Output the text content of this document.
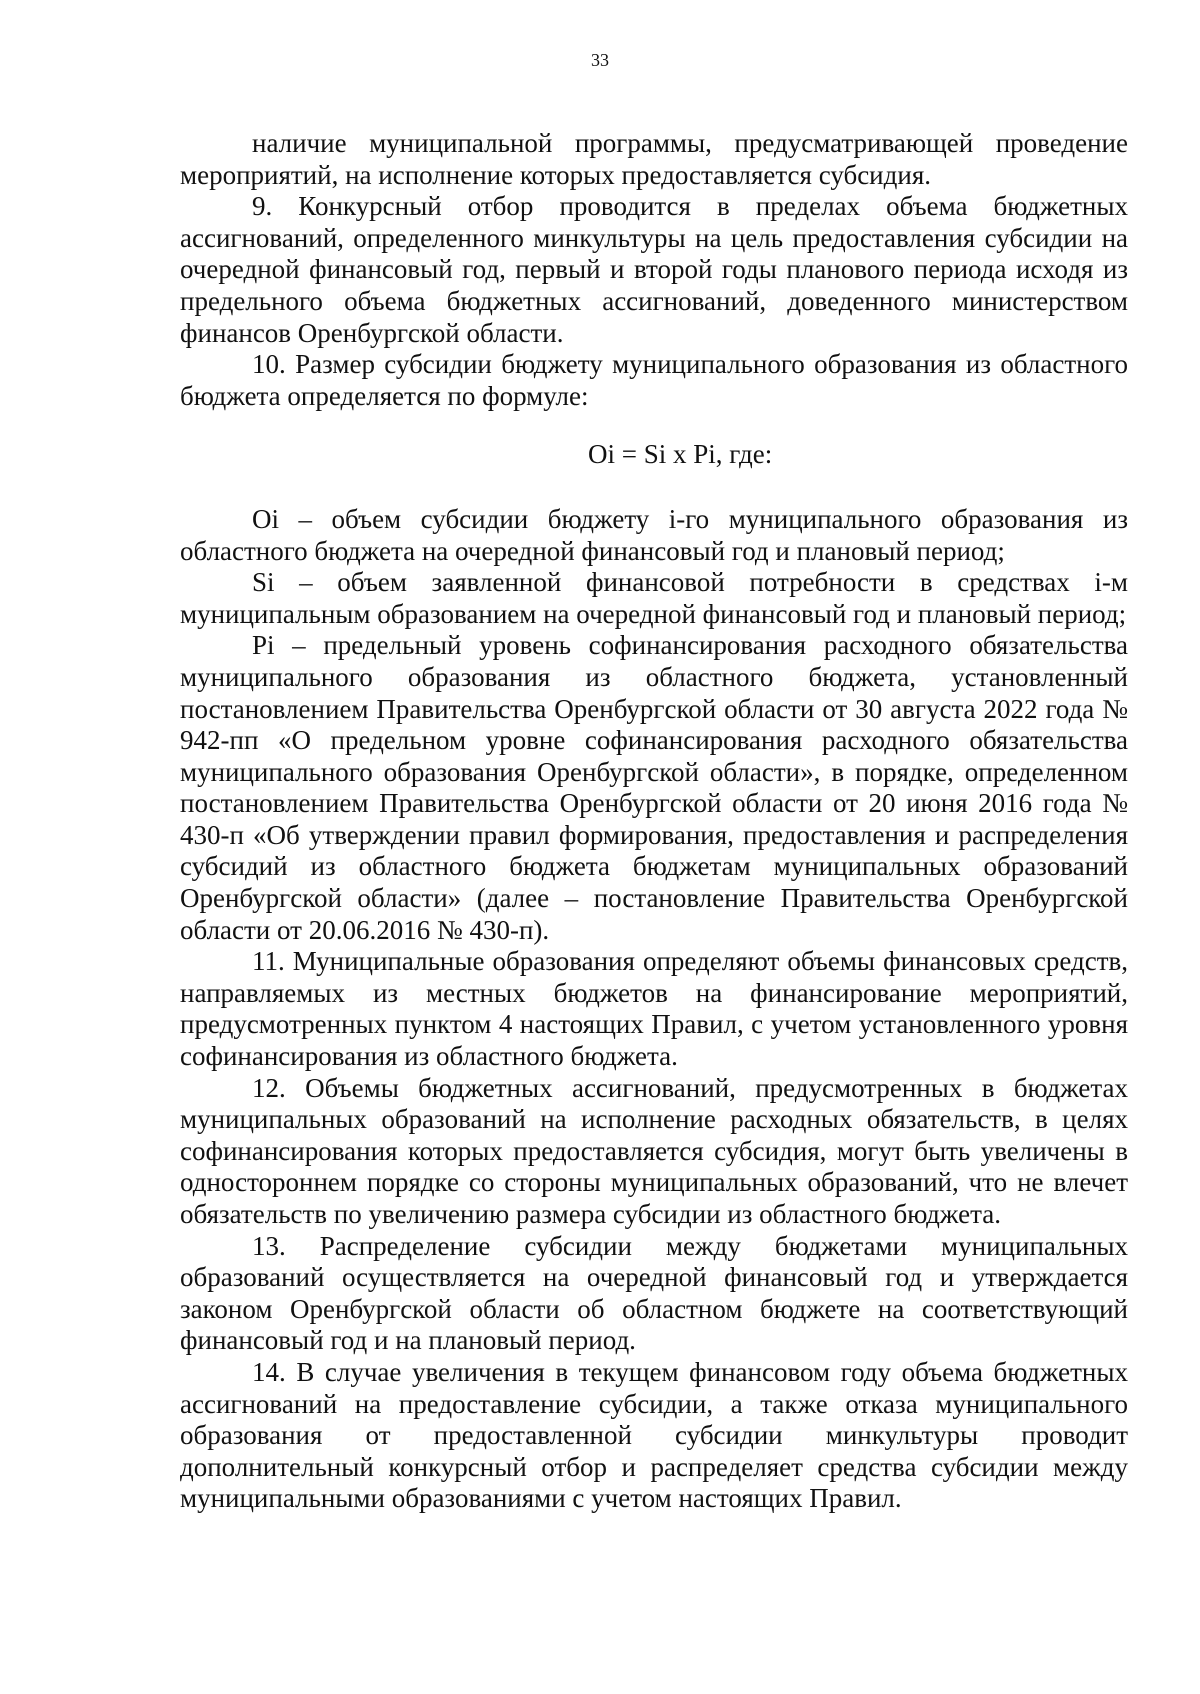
33

наличие муниципальной программы, предусматривающей проведение мероприятий, на исполнение которых предоставляется субсидия.

9. Конкурсный отбор проводится в пределах объема бюджетных ассигнований, определенного минкультуры на цель предоставления субсидии на очередной финансовый год, первый и второй годы планового периода исходя из предельного объема бюджетных ассигнований, доведенного министерством финансов Оренбургской области.

10. Размер субсидии бюджету муниципального образования из областного бюджета определяется по формуле:

Oi = Si x Pi, где:

Oi – объем субсидии бюджету i-го муниципального образования из областного бюджета на очередной финансовый год и плановый период;

Si – объем заявленной финансовой потребности в средствах i-м муниципальным образованием на очередной финансовый год и плановый период;

Pi – предельный уровень софинансирования расходного обязательства муниципального образования из областного бюджета, установленный постановлением Правительства Оренбургской области от 30 августа 2022 года № 942-пп «О предельном уровне софинансирования расходного обязательства муниципального образования Оренбургской области», в порядке, определенном постановлением Правительства Оренбургской области от 20 июня 2016 года № 430-п «Об утверждении правил формирования, предоставления и распределения субсидий из областного бюджета бюджетам муниципальных образований Оренбургской области» (далее – постановление Правительства Оренбургской области от 20.06.2016 № 430-п).

11. Муниципальные образования определяют объемы финансовых средств, направляемых из местных бюджетов на финансирование мероприятий, предусмотренных пунктом 4 настоящих Правил, с учетом установленного уровня софинансирования из областного бюджета.

12. Объемы бюджетных ассигнований, предусмотренных в бюджетах муниципальных образований на исполнение расходных обязательств, в целях софинансирования которых предоставляется субсидия, могут быть увеличены в одностороннем порядке со стороны муниципальных образований, что не влечет обязательств по увеличению размера субсидии из областного бюджета.

13. Распределение субсидии между бюджетами муниципальных образований осуществляется на очередной финансовый год и утверждается законом Оренбургской области об областном бюджете на соответствующий финансовый год и на плановый период.

14. В случае увеличения в текущем финансовом году объема бюджетных ассигнований на предоставление субсидии, а также отказа муниципального образования от предоставленной субсидии минкультуры проводит дополнительный конкурсный отбор и распределяет средства субсидии между муниципальными образованиями с учетом настоящих Правил.
